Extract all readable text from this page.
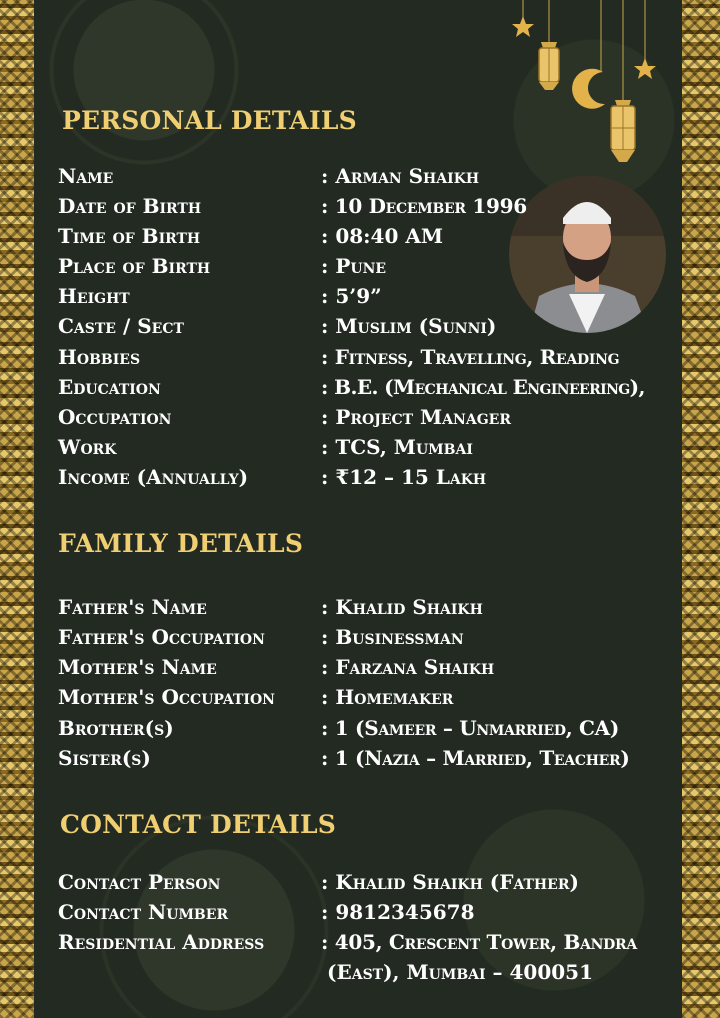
PERSONAL DETAILS
Name	: Arman Shaikh
Date of Birth	: 10 December 1996
Time of Birth	: 08:40 AM
Place of Birth	: Pune
Height	: 5’9”
Caste / Sect	: Muslim (Sunni)
Hobbies	: Fitness, Travelling, Reading
Education	: B.E. (Mechanical Engineering),
Occupation	: Project Manager
Work	: TCS, Mumbai
Income (Annually)	: ₹12 – 15 Lakh
FAMILY DETAILS
Father's Name	: Khalid Shaikh
Father's Occupation	: Businessman
Mother's Name	: Farzana Shaikh
Mother's Occupation : Homemaker
Brother(s)	: 1 (Sameer – Unmarried, CA)
Sister(s)	: 1 (Nazia – Married, Teacher)
CONTACT DETAILS
Contact Person	: Khalid Shaikh (Father)
Contact Number	: 9812345678
Residential Address	: 405, Crescent Tower, Bandra
(East), Mumbai – 400051
